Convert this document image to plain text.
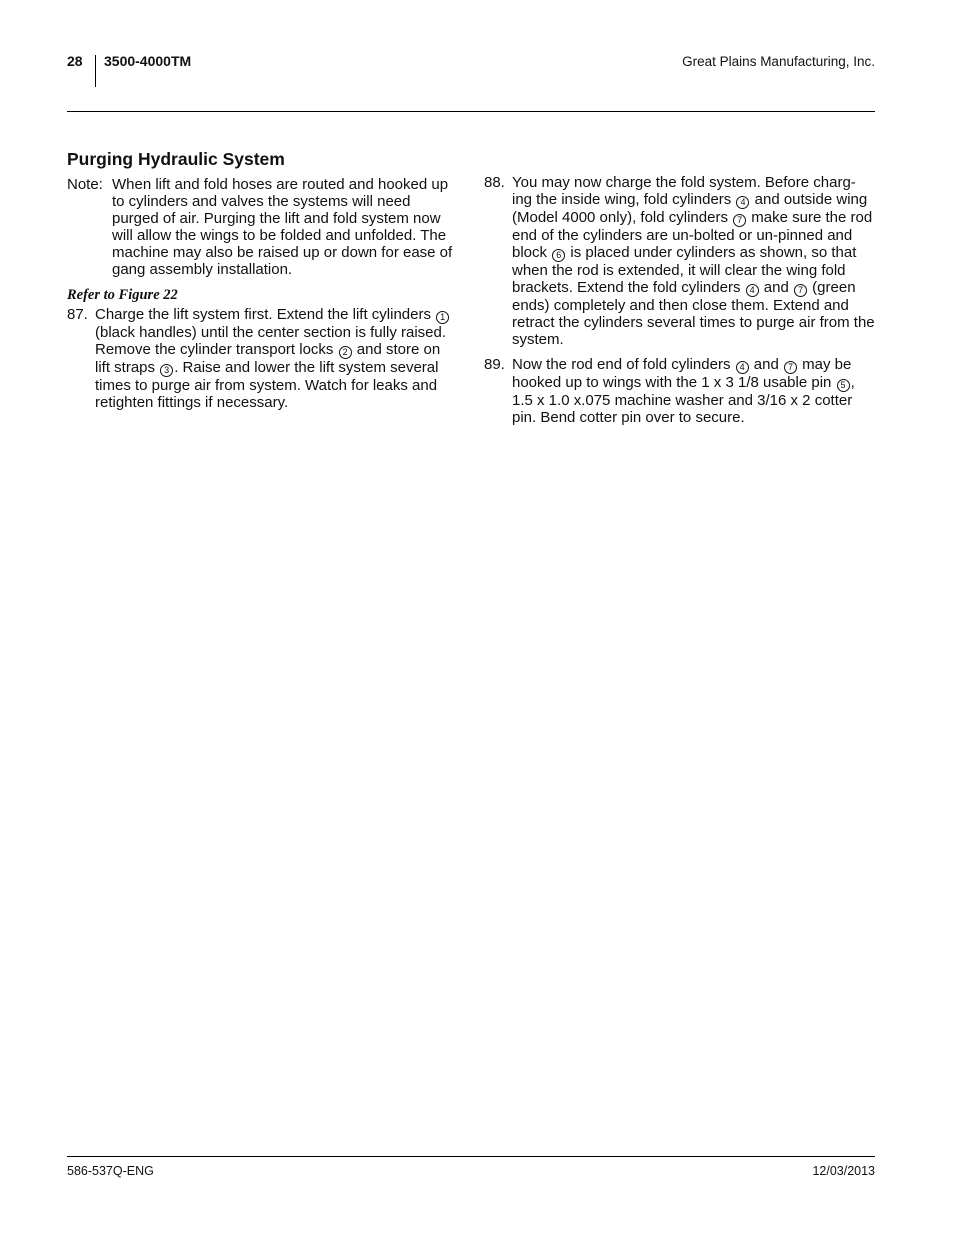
28 3500-4000TM	Great Plains Manufacturing, Inc.
Purging Hydraulic System

Note: When lift and fold hoses are routed and hooked up to cylinders and valves the systems will need purged of air. Purging the lift and fold system now will allow the wings to be folded and unfolded. The machine may also be raised up or down for ease of gang assembly installation.

Refer to Figure 22
87. Charge the lift system first. Extend the lift cylinders 1 (black handles) until the center section is fully raised. Remove the cylinder transport locks 2 and store on lift straps 3 . Raise and lower the lift system several times to purge air from system. Watch for leaks and retighten fittings if necessary.
88. You may now charge the fold system. Before charg-ing the inside wing, fold cylinders 4 and outside wing (Model 4000 only), fold cylinders 7 make sure the rod end of the cylinders are un-bolted or un-pinned and block 6 is placed under cylinders as shown, so that when the rod is extended, it will clear the wing fold brackets. Extend the fold cylinders 4 and 7 (green ends) completely and then close them. Extend and retract the cylinders several times to purge air from the system.
89. Now the rod end of fold cylinders 4 and 7 may be hooked up to wings with the 1 x 3 1/8 usable pin 5 , 1.5 x 1.0 x.075 machine washer and 3/16 x 2 cotter pin. Bend cotter pin over to secure.
586-537Q-ENG	12/03/2013
